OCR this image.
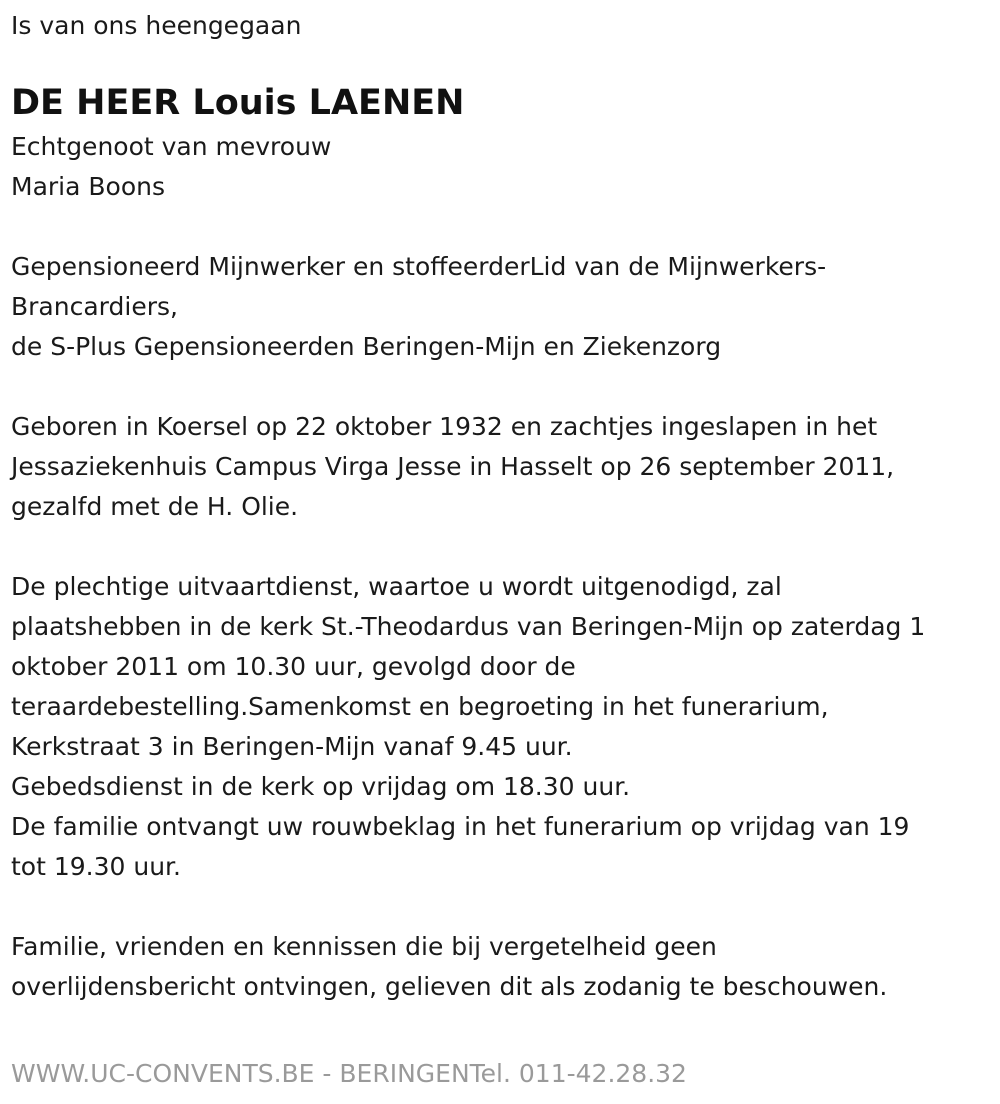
Is van ons heengegaan

DE HEER Louis LAENEN

Echtgenoot van mevrouw

Maria Boons

Gepensioneerd Mijnwerker en stoffeerderLid van de Mijnwerkers-

Brancardiers,

de S-Plus Gepensioneerden Beringen-Mijn en Ziekenzorg

Geboren in Koersel op 22 oktober 1932 en zachtjes ingeslapen in het

Jessaziekenhuis Campus Virga Jesse in Hasselt op 26 september 2011,

gezalfd met de H. Olie.

De plechtige uitvaartdienst, waartoe u wordt uitgenodigd, zal

plaatshebben in de kerk St.-Theodardus van Beringen-Mijn op zaterdag 1

oktober 2011 om 10.30 uur, gevolgd door de

teraardebestelling.Samenkomst en begroeting in het funerarium,

Kerkstraat 3 in Beringen-Mijn vanaf 9.45 uur.

Gebedsdienst in de kerk op vrijdag om 18.30 uur.

De familie ontvangt uw rouwbeklag in het funerarium op vrijdag van 19

tot 19.30 uur.

Familie, vrienden en kennissen die bij vergetelheid geen

overlijdensbericht ontvingen, gelieven dit als zodanig te beschouwen.

WWW.UC-CONVENTS.BE - BERINGENTel. 011-42.28.32
